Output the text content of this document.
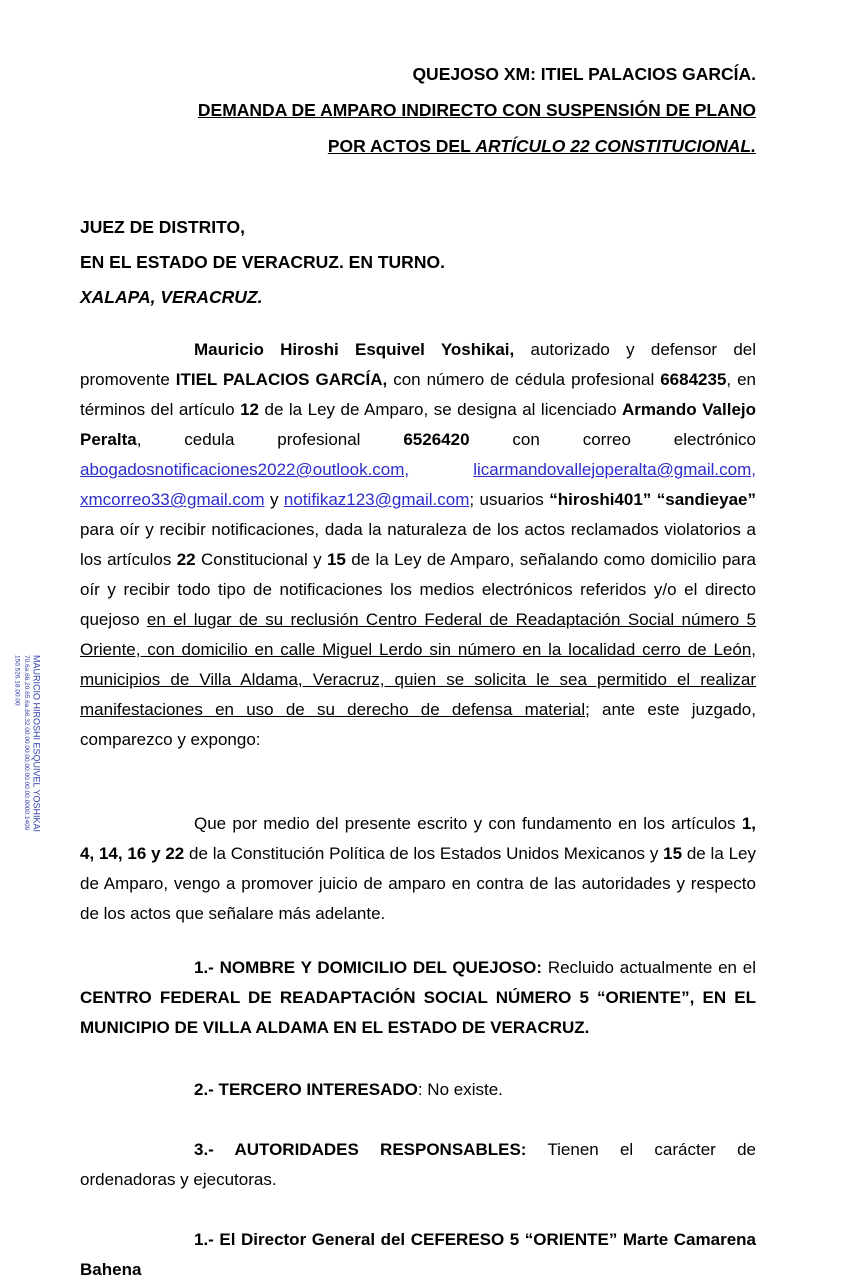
MAURICIO HIROSHI ESQUIVEL YOSHIKAI
70.6a.66.20.65.6a.66.32.00.00.00.00.00.00.00.00.0000.1409
150.526.18.00.00
QUEJOSO XM: ITIEL PALACIOS GARCÍA.
DEMANDA DE AMPARO INDIRECTO CON SUSPENSIÓN DE PLANO
POR ACTOS DEL ARTÍCULO 22 CONSTITUCIONAL.
JUEZ DE DISTRITO,
EN EL ESTADO DE VERACRUZ. EN TURNO.
XALAPA, VERACRUZ.

Mauricio Hiroshi Esquivel Yoshikai, autorizado y defensor del promovente ITIEL PALACIOS GARCÍA, con número de cédula profesional 6684235, en términos del artículo 12 de la Ley de Amparo, se designa al licenciado Armando Vallejo Peralta, cedula profesional 6526420 con correo electrónico abogadosnotificaciones2022@outlook.com,	licarmandovallejoperalta@gmail.com, xmcorreo33@gmail.com y notifikaz123@gmail.com; usuarios “hiroshi401” “sandieyae” para oír y recibir notificaciones, dada la naturaleza de los actos reclamados violatorios a los artículos 22 Constitucional y 15 de la Ley de Amparo, señalando como domicilio para oír y recibir todo tipo de notificaciones los medios electrónicos referidos y/o el directo quejoso en el lugar de su reclusión Centro Federal de Readaptación Social número 5 Oriente, con domicilio en calle Miguel Lerdo sin número en la localidad cerro de León, municipios de Villa Aldama, Veracruz, quien se solicita le sea permitido el realizar manifestaciones en uso de su derecho de defensa material; ante este juzgado, comparezco y expongo:

Que por medio del presente escrito y con fundamento en los artículos 1, 4, 14, 16 y 22 de la Constitución Política de los Estados Unidos Mexicanos y 15 de la Ley de Amparo, vengo a promover juicio de amparo en contra de las autoridades y respecto de los actos que señalare más adelante.

1.- NOMBRE Y DOMICILIO DEL QUEJOSO: Recluido actualmente en el CENTRO FEDERAL DE READAPTACIÓN SOCIAL NÚMERO 5 “ORIENTE”, EN EL MUNICIPIO DE VILLA ALDAMA EN EL ESTADO DE VERACRUZ.

2.- TERCERO INTERESADO: No existe.

3.- AUTORIDADES RESPONSABLES: Tienen el carácter de ordenadoras y ejecutoras.

1.- El Director General del CEFERESO 5 “ORIENTE” Marte Camarena Bahena
